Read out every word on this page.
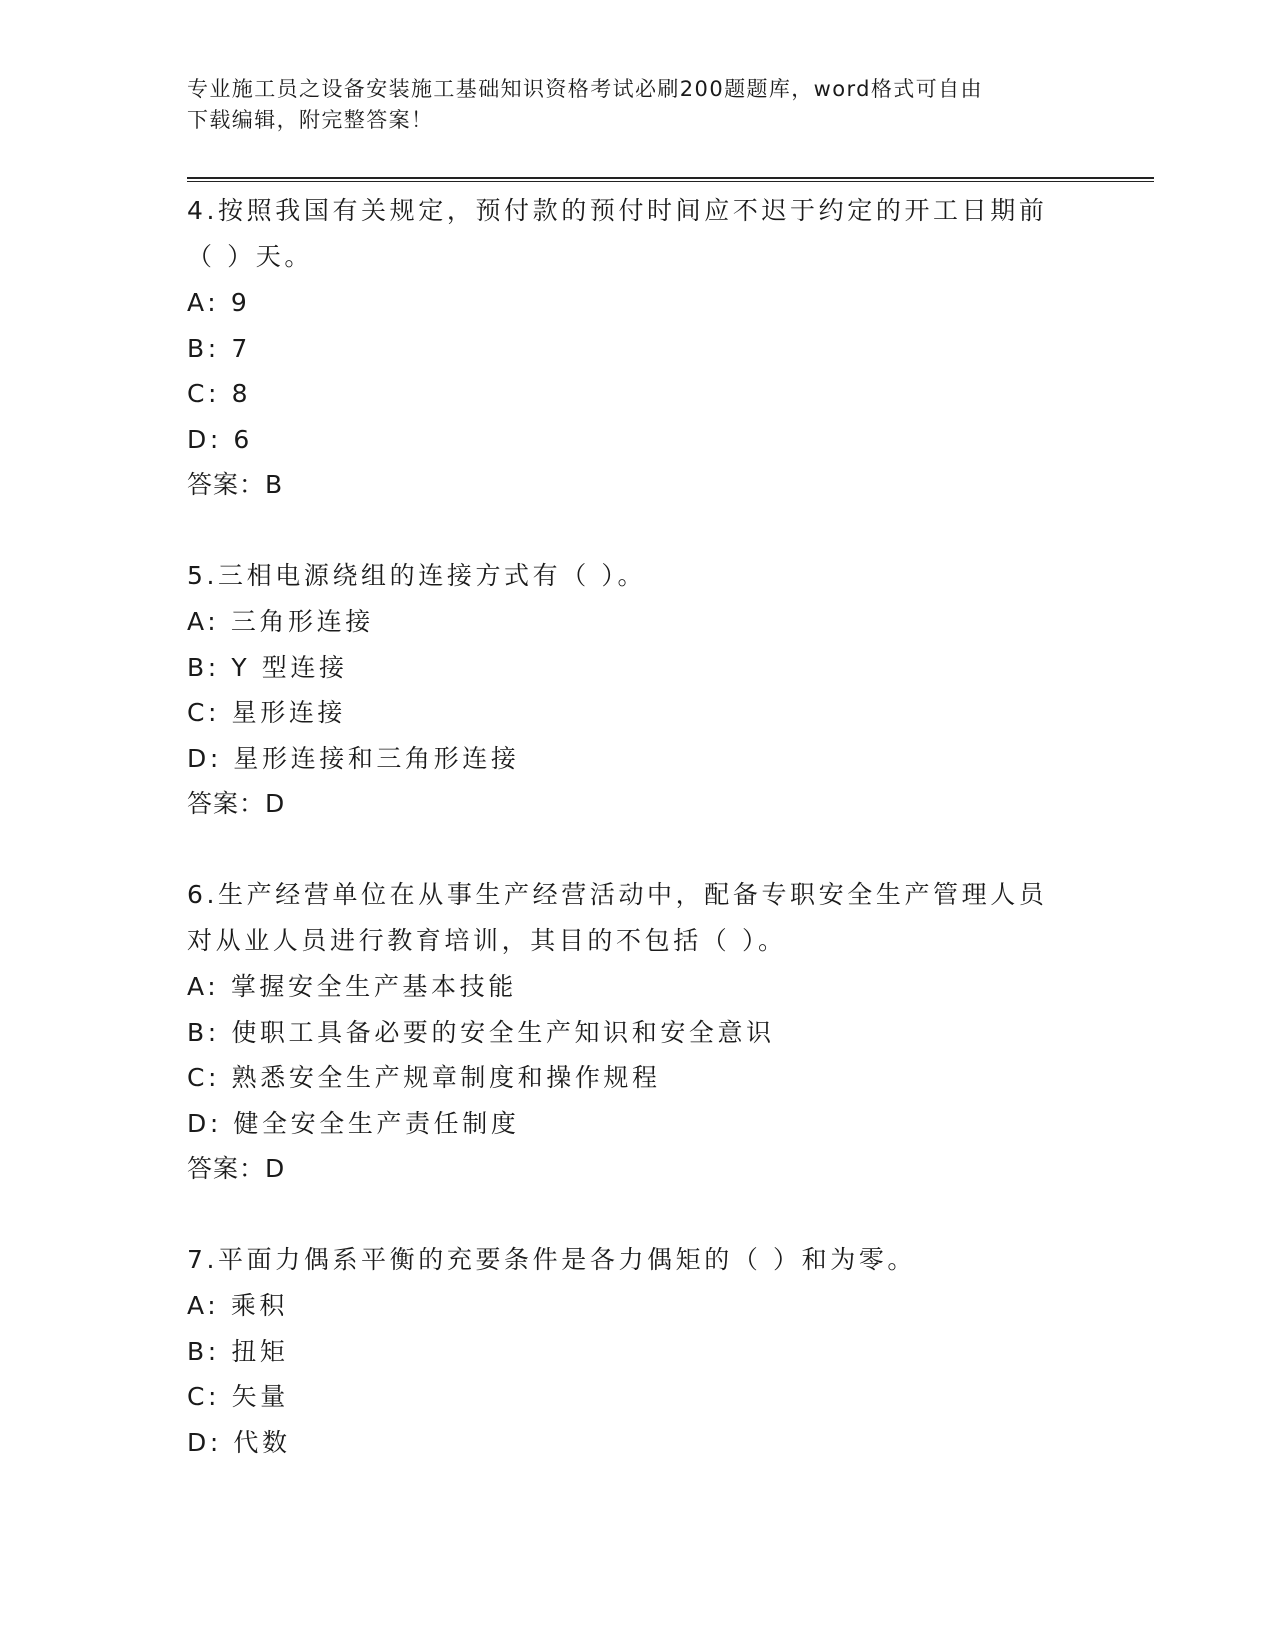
专业施工员之设备安装施工基础知识资格考试必刷200题题库，word格式可自由
下载编辑，附完整答案！

4.按照我国有关规定，预付款的预付时间应不迟于约定的开工日期前
（ ）天。

A: 9

B: 7

C: 8

D: 6

答案：B

5.三相电源绕组的连接方式有（ ）。

A: 三角形连接

B: Y 型连接

C: 星形连接

D: 星形连接和三角形连接

答案：D

6.生产经营单位在从事生产经营活动中，配备专职安全生产管理人员
对从业人员进行教育培训，其目的不包括（ ）。

A: 掌握安全生产基本技能

B: 使职工具备必要的安全生产知识和安全意识

C: 熟悉安全生产规章制度和操作规程

D: 健全安全生产责任制度

答案：D

7.平面力偶系平衡的充要条件是各力偶矩的（ ）和为零。

A: 乘积

B: 扭矩

C: 矢量

D: 代数
